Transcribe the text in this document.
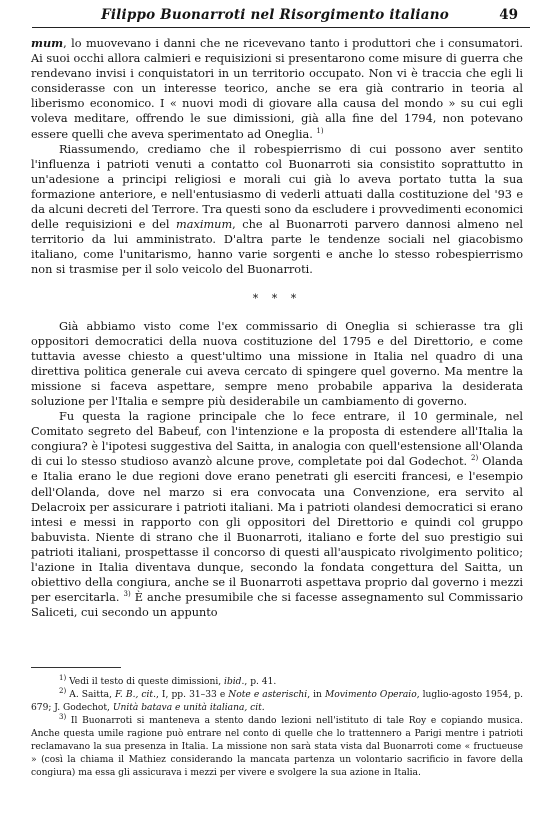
Filippo Buonarroti nel Risorgimento italiano	49

mum, lo muovevano i danni che ne ricevevano tanto i produttori che i consumatori. Ai suoi occhi allora calmieri e requisizioni si presentarono come misure di guerra che rendevano invisi i conquistatori in un territorio occupato. Non vi è traccia che egli li considerasse con un interesse teorico, anche se era già contrario in teoria al liberismo economico. I « nuovi modi di giovare alla causa del mondo » su cui egli voleva meditare, offrendo le sue dimissioni, già alla fine del 1794, non potevano essere quelli che aveva sperimentato ad Oneglia. $^{1)}$

Riassumendo, crediamo che il robespierrismo di cui possono aver sentito l'influenza i patrioti venuti a contatto col Buonarroti sia consistito soprattutto in un'adesione a principi religiosi e morali cui già lo aveva portato tutta la sua formazione anteriore, e nell'entusiasmo di vederli attuati dalla costituzione del '93 e da alcuni decreti del Terrore. Tra questi sono da escludere i provvedimenti economici delle requisizioni e del maximum, che al Buonarroti parvero dannosi almeno nel territorio da lui amministrato. D'altra parte le tendenze sociali nel giacobismo italiano, come l'unitarismo, hanno varie sorgenti e anche lo stesso robespierrismo non si trasmise per il solo veicolo del Buonarroti.

* * *

Già abbiamo visto come l'ex commissario di Oneglia si schierasse tra gli oppositori democratici della nuova costituzione del 1795 e del Direttorio, e come tuttavia avesse chiesto a quest'ultimo una missione in Italia nel quadro di una direttiva politica generale cui aveva cercato di spingere quel governo. Ma mentre la missione si faceva aspettare, sempre meno probabile appariva la desiderata soluzione per l'Italia e sempre più desiderabile un cambiamento di governo.

Fu questa la ragione principale che lo fece entrare, il 10 germinale, nel Comitato segreto del Babeuf, con l'intenzione e la proposta di estendere all'Italia la congiura? è l'ipotesi suggestiva del Saitta, in analogia con quell'estensione all'Olanda di cui lo stesso studioso avanzò alcune prove, completate poi dal Godechot. $^{2)}$ Olanda e Italia erano le due regioni dove erano penetrati gli eserciti francesi, e l'esempio dell'Olanda, dove nel marzo si era convocata una Convenzione, era servito al Delacroix per assicurare i patrioti italiani. Ma i patrioti olandesi democratici si erano intesi e messi in rapporto con gli oppositori del Direttorio e quindi col gruppo babuvista. Niente di strano che il Buonarroti, italiano e forte del suo prestigio sui patrioti italiani, prospettasse il concorso di questi all'auspicato rivolgimento politico; l'azione in Italia diventava dunque, secondo la fondata congettura del Saitta, un obiettivo della congiura, anche se il Buonarroti aspettava proprio dal governo i mezzi per esercitarla. $^{3)}$ È anche presumibile che si facesse assegnamento sul Commissario Saliceti, cui secondo un appunto

$^{1)}$ Vedi il testo di queste dimissioni, ibid., p. 41.

$^{2)}$ A. Saitta, F. B., cit., I, pp. 31–33 e Note e asterischi, in Movimento Operaio, luglio-agosto 1954, p. 679; J. Godechot, Unità batava e unità italiana, cit.

$^{3)}$ Il Buonarroti si manteneva a stento dando lezioni nell'istituto di tale Roy e copiando musica. Anche questa umile ragione può entrare nel conto di quelle che lo trattennero a Parigi mentre i patrioti reclamavano la sua presenza in Italia. La missione non sarà stata vista dal Buonarroti come « fructueuse » (così la chiama il Mathiez considerando la mancata partenza un volontario sacrificio in favore della congiura) ma essa gli assicurava i mezzi per vivere e svolgere la sua azione in Italia.
